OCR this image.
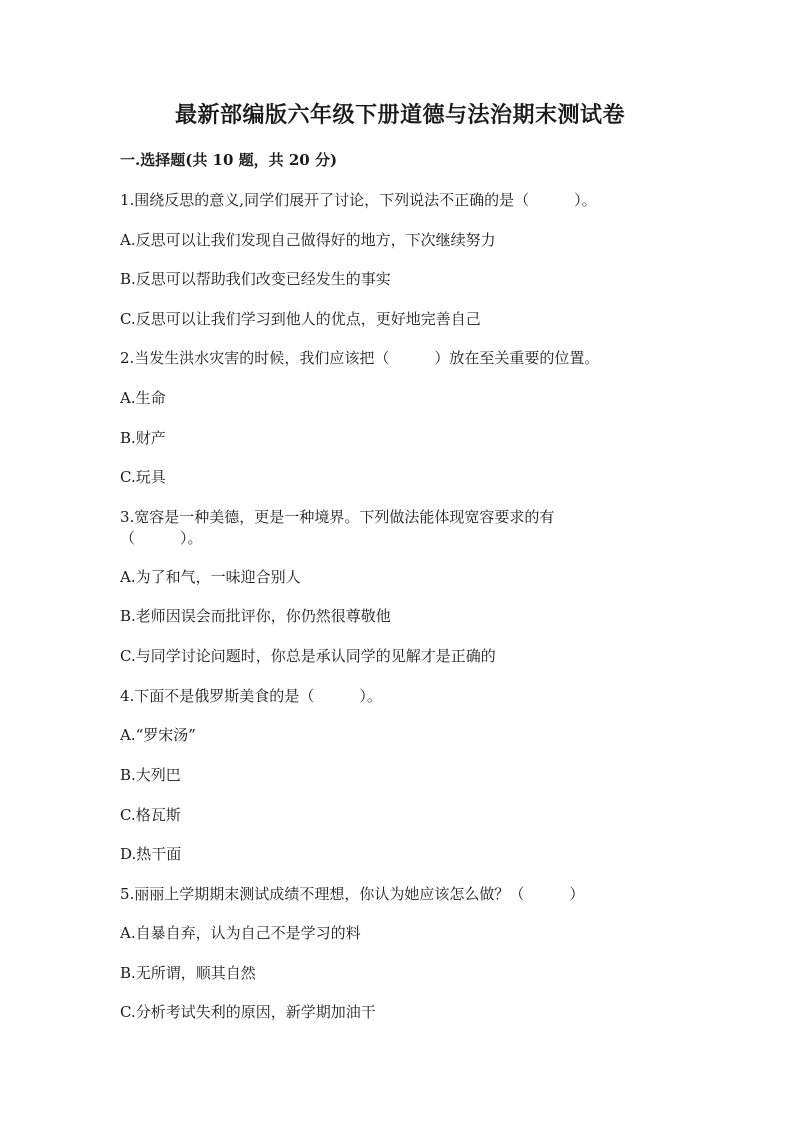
最新部编版六年级下册道德与法治期末测试卷
一.选择题(共 10 题，共 20 分)
1.围绕反思的意义,同学们展开了讨论，下列说法不正确的是（　　　）。
A.反思可以让我们发现自己做得好的地方，下次继续努力
B.反思可以帮助我们改变已经发生的事实
C.反思可以让我们学习到他人的优点，更好地完善自己
2.当发生洪水灾害的时候，我们应该把（　　　）放在至关重要的位置。
A.生命
B.财产
C.玩具
3.宽容是一种美德，更是一种境界。下列做法能体现宽容要求的有
（　　　）。
A.为了和气，一味迎合别人
B.老师因误会而批评你，你仍然很尊敬他
C.与同学讨论问题时，你总是承认同学的见解才是正确的
4.下面不是俄罗斯美食的是（　　　）。
A.“罗宋汤”
B.大列巴
C.格瓦斯
D.热干面
5.丽丽上学期期末测试成绩不理想，你认为她应该怎么做？（　　　）
A.自暴自弃，认为自己不是学习的料
B.无所谓，顺其自然
C.分析考试失利的原因，新学期加油干
